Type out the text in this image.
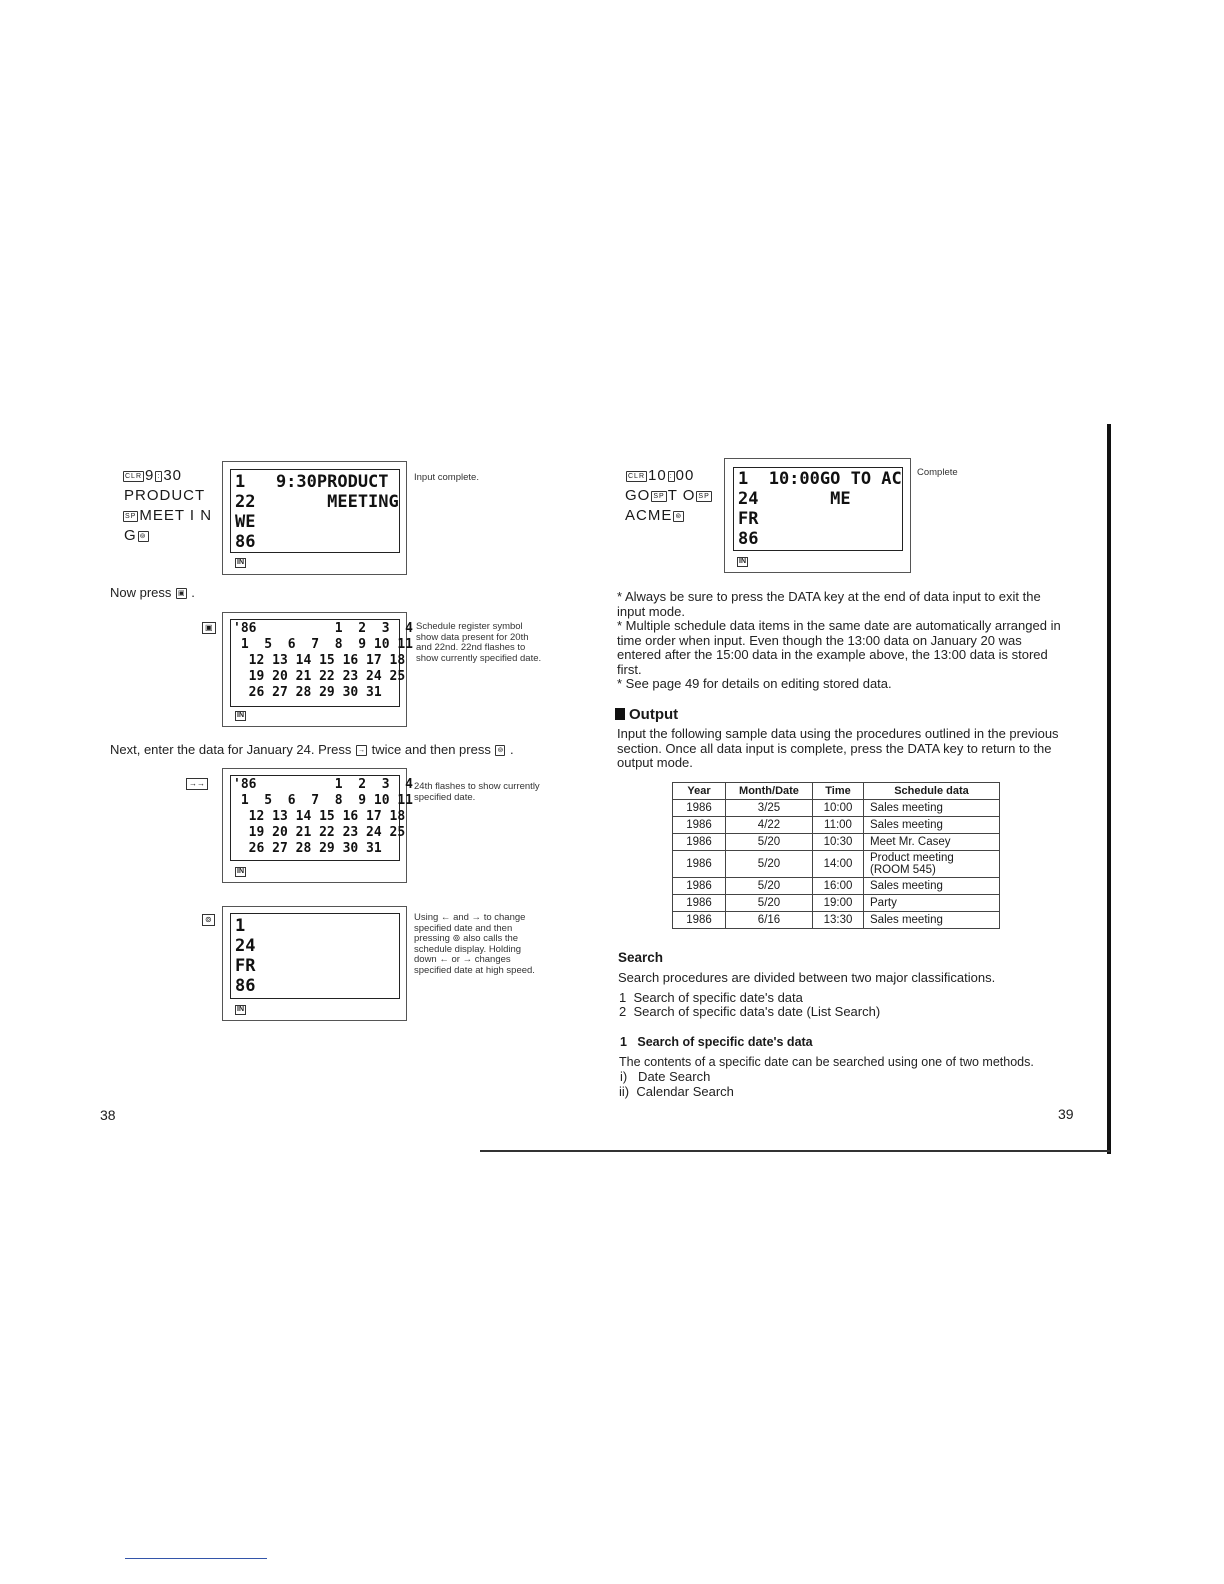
CLR 9 : 30
PRODUCT
SP MEET I N
G ⊚
1   9:30PRODUCT
22       MEETING
WE
86
IN
Input complete.
Now press ▣ .
▣ '86          1  2  3  4
1  5  6  7  8  9 10 11
12 13 14 15 16 17 18
19 20 21 22 23 24 25
26 27 28 29 30 31
IN
Schedule register symbol show data present for 20th and 22nd. 22nd flashes to show currently specified date.
Next, enter the data for January 24. Press → twice and then press ⊚ .
→→ '86          1  2  3  4
1  5  6  7  8  9 10 11
12 13 14 15 16 17 18
19 20 21 22 23 24 25
26 27 28 29 30 31
IN
24th flashes to show currently specified date.
⊚ 1
24
FR
86
IN
Using ← and → to change specified date and then pressing ⊚ also calls the schedule display. Holding down ← or → changes specified date at high speed.
38
CLR 10 : 00
GO SP T O SP
ACME ⊚
1  10:00GO TO AC
24       ME
FR
86
IN
Complete
* Always be sure to press the DATA key at the end of data input to exit the input mode.
* Multiple schedule data items in the same date are automatically arranged in time order when input. Even though the 13:00 data on January 20 was entered after the 15:00 data in the example above, the 13:00 data is stored first.
* See page 49 for details on editing stored data.
Output
Input the following sample data using the procedures outlined in the previous section. Once all data input is complete, press the DATA key to return to the output mode.
Year	Month/Date	Time	Schedule data
1986	3/25	10:00	Sales meeting
1986	4/22	11:00	Sales meeting
1986	5/20	10:30	Meet Mr. Casey
1986	5/20	14:00	Product meeting (ROOM 545)
1986	5/20	16:00	Sales meeting
1986	5/20	19:00	Party
1986	6/16	13:30	Sales meeting
Search
Search procedures are divided between two major classifications.
1  Search of specific date's data
2  Search of specific data's date (List Search)
1   Search of specific date's data
The contents of a specific date can be searched using one of two methods.
i)   Date Search
ii)  Calendar Search
39
